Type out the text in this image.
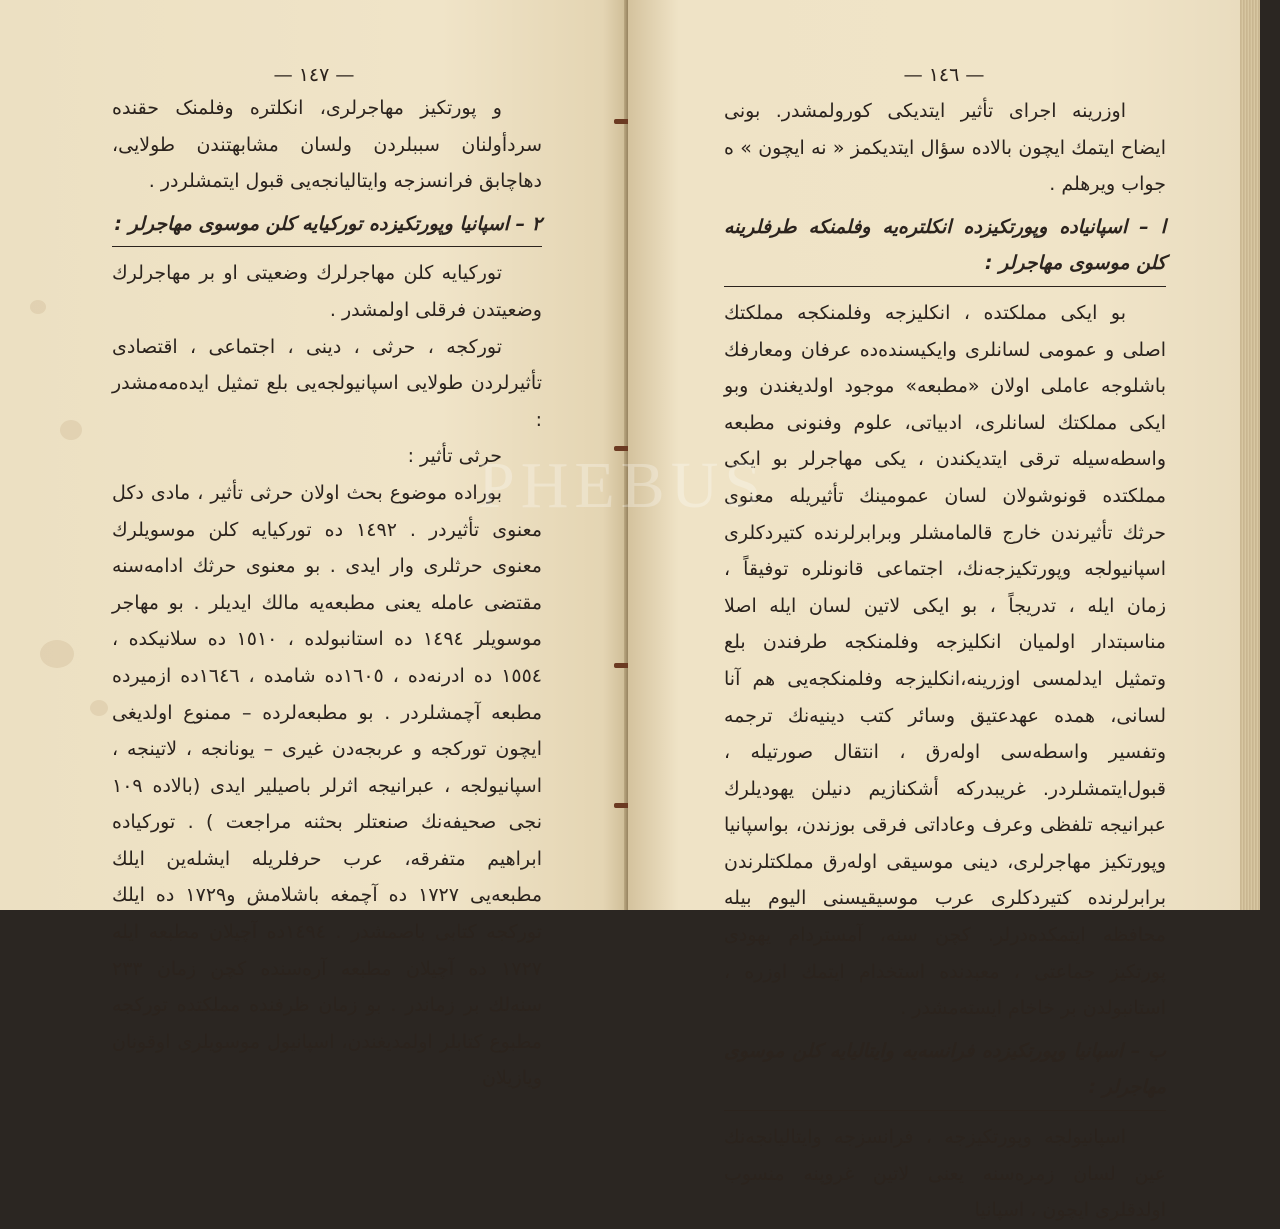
— ١٤٧ —

و پورتکیز مهاجرلری، انکلتره وفلمنک حقنده سردأولنان سببلردن ولسان مشابهتندن طولایی، دهاچابق فرانسزجه وایتالیانجه‌یی قبول ایتمشلردر .

٢ – اسپانیا وپورتکیزده تورکیایه کلن موسوی مهاجرلر :

تورکیایه کلن مهاجرلرك وضعیتی او بر مهاجرلرك وضعیتدن فرقلی اولمشدر .

تورکجه ، حرثی ، دینی ، اجتماعی ، اقتصادی تأثیرلردن طولایی اسپانیولجه‌یی بلع تمثیل ایده‌مه‌مشدر :

حرثی تأثیر :

بوراده موضوع بحث اولان حرثی تأثیر ، مادی دکل معنوی تأثیردر . ١٤٩٢ ده تورکیایه کلن موسویلرك معنوی حرثلری وار ایدی . بو معنوی حرثك ادامه‌سنه مقتضی عامله یعنی مطبعه‌یه مالك ایدیلر . بو مهاجر موسویلر ١٤٩٤ ده استانبولده ، ١٥١٠ ده سلانیکده ، ١٥٥٤ ده ادرنه‌ده ، ١٦٠٥ده شامده ، ١٦٤٦ده ازمیرده مطبعه آچمشلردر . بو مطبعه‌لرده – ممنوع اولدیغی ایچون تورکجه و عربجه‌دن غیری – یونانجه ، لاتینجه ، اسپانیولجه ، عبرانیجه اثرلر باصیلیر ایدی (بالاده ١٠٩ نجی صحیفه‌نك صنعتلر بحثنه مراجعت ) . تورکیاده ابراهیم متفرقه، عرب حرفلریله ایشله‌ین ایلك مطبعه‌یی ١٧٢٧ ده آچمغه باشلامش و١٧٢٩ ده ایلك تورکجه کتابی باصمشدر . ١٤٩٤ده آچیلان مطبعه ایله ١٧٢٧ ده آچیلان مطبعه آره‌سنده کچن زمان ٢٣٣ سنه‌لك بر زماندر . بو زمان ظرفنده مملکتده تورکجه مطبوع کتابلر اولمدیغندن، اسپانیول موسویلری اوقونان ویازیلان

— ١٤٦ —

اوزرینه اجرای تأثیر ایتدیکی کورولمشدر. بونی ایضاح ایتمك ایچون بالاده سؤال ایتدیکمز « نه ایچون » ه جواب ویرهلم .

ا – اسپانیاده وپورتکیزده انکلتره‌یه وفلمنکه طرفلرینه کلن موسوی مهاجرلر :

بو ایکی مملکتده ، انکلیزجه وفلمنکجه مملکتك اصلی و عمومی لسانلری وایکیسنده‌ده عرفان ومعارفك باشلوجه عاملی اولان «مطبعه» موجود اولدیغندن وبو ایکی مملکتك لسانلری، ادبیاتی، علوم وفنونی مطبعه واسطه‌سیله ترقی ایتدیکندن ، یکی مهاجرلر بو ایکی مملکتده قونوشولان لسان عمومینك تأثیریله معنوی حرثك تأثیرندن خارج قالمامشلر وبرابرلرنده کتیردکلری اسپانیولجه وپورتکیزجه‌نك، اجتماعی قانونلره توفیقاً ، زمان ایله ، تدریجاً ، بو ایکی لاتین لسان ایله اصلا مناسبتدار اولمیان انکلیزجه وفلمنکجه طرفندن بلع وتمثیل ایدلمسی اوزرینه،انکلیزجه وفلمنکجه‌یی هم آنا لسانی، همده عهدعتیق وسائر کتب دینیه‌نك ترجمه وتفسیر واسطه‌سی اوله‌رق ، انتقال صورتیله ، قبول‌ایتمشلردر. غریبدرکه أشکنازیم دنیلن یهودیلرك عبرانیجه تلفظی وعرف وعاداتی فرقی بوزندن، بواسپانیا وپورتکیز مهاجرلری، دینی موسیقی اوله‌رق مملکتلرندن برابرلرنده کتیردکلری عرب موسیقیسنی الیوم بیله محافظه ایتمکده‌درلر. کچن سنه، آمستردام یهودی پورتکیز جماعتی ، معبدنده استخدام ایتمك اوزره ، استانبولدن بر خاخام ایسته‌مشدر .

ب – اسپانیا وپورتکیزده فرانسه‌یه وایتالیایه کلن موسوی مهاجرلر :

اسپانیولجه وپورتکیزجه ، فرانسزجه وایتالیانجه‌نك عین لسان زمره‌سنه یعنی لاتین غروپنه منسوب اولدقلری ایچون ، اسپانیا

PHEBUS
